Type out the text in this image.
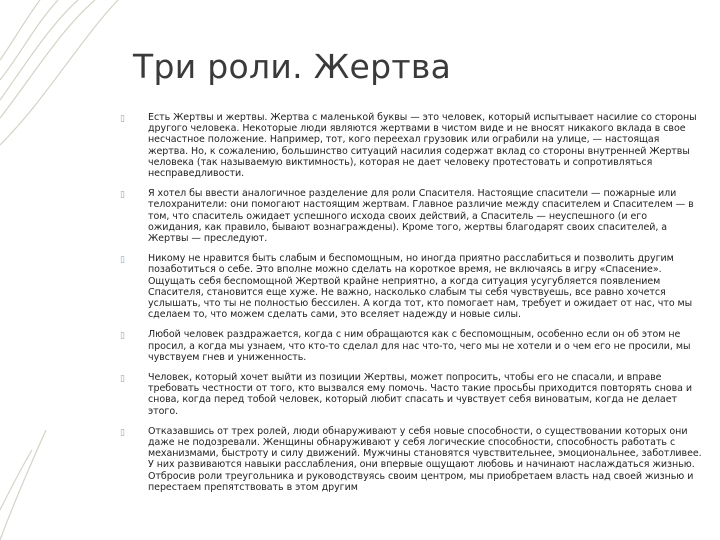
Три роли. Жертва
▯	Есть Жертвы и жертвы. Жертва с маленькой буквы — это человек, который испытывает насилие со стороны другого человека. Некоторые люди являются жертвами в чистом виде и не вносят никакого вклада в свое несчастное положение. Например, тот, кого переехал грузовик или ограбили на улице, — настоящая жертва. Но, к сожалению, большинство ситуаций насилия содержат вклад со стороны внутренней Жертвы человека (так называемую виктимность), которая не дает человеку протестовать и сопротивляться несправедливости.
▯	Я хотел бы ввести аналогичное разделение для роли Спасителя. Настоящие спасители — пожарные или телохранители: они помогают настоящим жертвам. Главное различие между спасителем и Спасителем — в том, что спаситель ожидает успешного исхода своих действий, а Спаситель — неуспешного (и его ожидания, как правило, бывают вознаграждены). Кроме того, жертвы благодарят своих спасителей, а Жертвы — преследуют.
▯	Никому не нравится быть слабым и беспомощным, но иногда приятно расслабиться и позволить другим позаботиться о себе. Это вполне можно сделать на короткое время, не включаясь в игру «Спасение». Ощущать себя беспомощной Жертвой крайне неприятно, а когда ситуация усугубляется появлением Спасителя, становится еще хуже. Не важно, насколько слабым ты себя чувствуешь, все равно хочется услышать, что ты не полностью бессилен. А когда тот, кто помогает нам, требует и ожидает от нас, что мы сделаем то, что можем сделать сами, это вселяет надежду и новые силы.
▯	Любой человек раздражается, когда с ним обращаются как с беспомощным, особенно если он об этом не просил, а когда мы узнаем, что кто-то сделал для нас что-то, чего мы не хотели и о чем его не просили, мы чувствуем гнев и униженность.
▯	Человек, который хочет выйти из позиции Жертвы, может попросить, чтобы его не спасали, и вправе требовать честности от того, кто вызвался ему помочь. Часто такие просьбы приходится повторять снова и снова, когда перед тобой человек, который любит спасать и чувствует себя виноватым, когда не делает этого.
▯	Отказавшись от трех ролей, люди обнаруживают у себя новые способности, о существовании которых они даже не подозревали. Женщины обнаруживают у себя логические способности, способность работать с механизмами, быстроту и силу движений. Мужчины становятся чувствительнее, эмоциональнее, заботливее. У них развиваются навыки расслабления, они впервые ощущают любовь и начинают наслаждаться жизнью. Отбросив роли треугольника и руководствуясь своим центром, мы приобретаем власть над своей жизнью и перестаем препятствовать в этом другим
